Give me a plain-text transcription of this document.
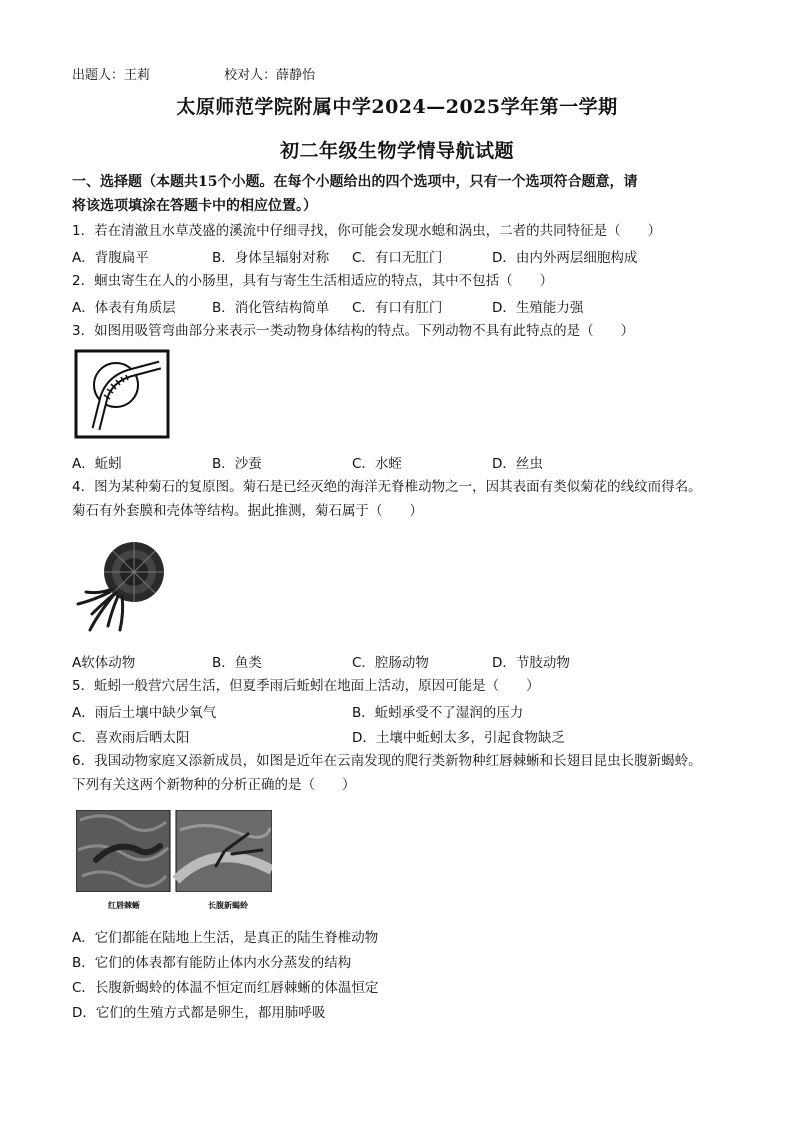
出题人：王莉	校对人：薛静怡
太原师范学院附属中学2024—2025学年第一学期
初二年级生物学情导航试题
一、选择题（本题共15个小题。在每个小题给出的四个选项中，只有一个选项符合题意，请
将该选项填涂在答题卡中的相应位置。）
1．若在清澈且水草茂盛的溪流中仔细寻找，你可能会发现水螅和涡虫，二者的共同特征是（　　）
A．背腹扁平	B．身体呈辐射对称 C．有口无肛门	D．由内外两层细胞构成
2．蛔虫寄生在人的小肠里，具有与寄生生活相适应的特点，其中不包括（　　）
A．体表有角质层	B．消化管结构简单 C．有口有肛门	D．生殖能力强
3．如图用吸管弯曲部分来表示一类动物身体结构的特点。下列动物不具有此特点的是（　　）
A．蚯蚓	B．沙蚕	C．水蛭	D．丝虫
4．图为某种菊石的复原图。菊石是已经灭绝的海洋无脊椎动物之一，因其表面有类似菊花的线纹而得名。
菊石有外套膜和壳体等结构。据此推测，菊石属于（　　）
A软体动物	B．鱼类	C．腔肠动物	D．节肢动物
5．蚯蚓一般营穴居生活，但夏季雨后蚯蚓在地面上活动，原因可能是（　　）
A．雨后土壤中缺少氧气	B．蚯蚓承受不了湿润的压力
C．喜欢雨后晒太阳	D．土壤中蚯蚓太多，引起食物缺乏
6．我国动物家庭又添新成员，如图是近年在云南发现的爬行类新物种红唇棘蜥和长翅目昆虫长腹新蝎蛉。
下列有关这两个新物种的分析正确的是（　　）
红唇棘蜥	长腹新蝎蛉
A．它们都能在陆地上生活，是真正的陆生脊椎动物
B．它们的体表都有能防止体内水分蒸发的结构
C．长腹新蝎蛉的体温不恒定而红唇棘蜥的体温恒定
D．它们的生殖方式都是卵生，都用肺呼吸
